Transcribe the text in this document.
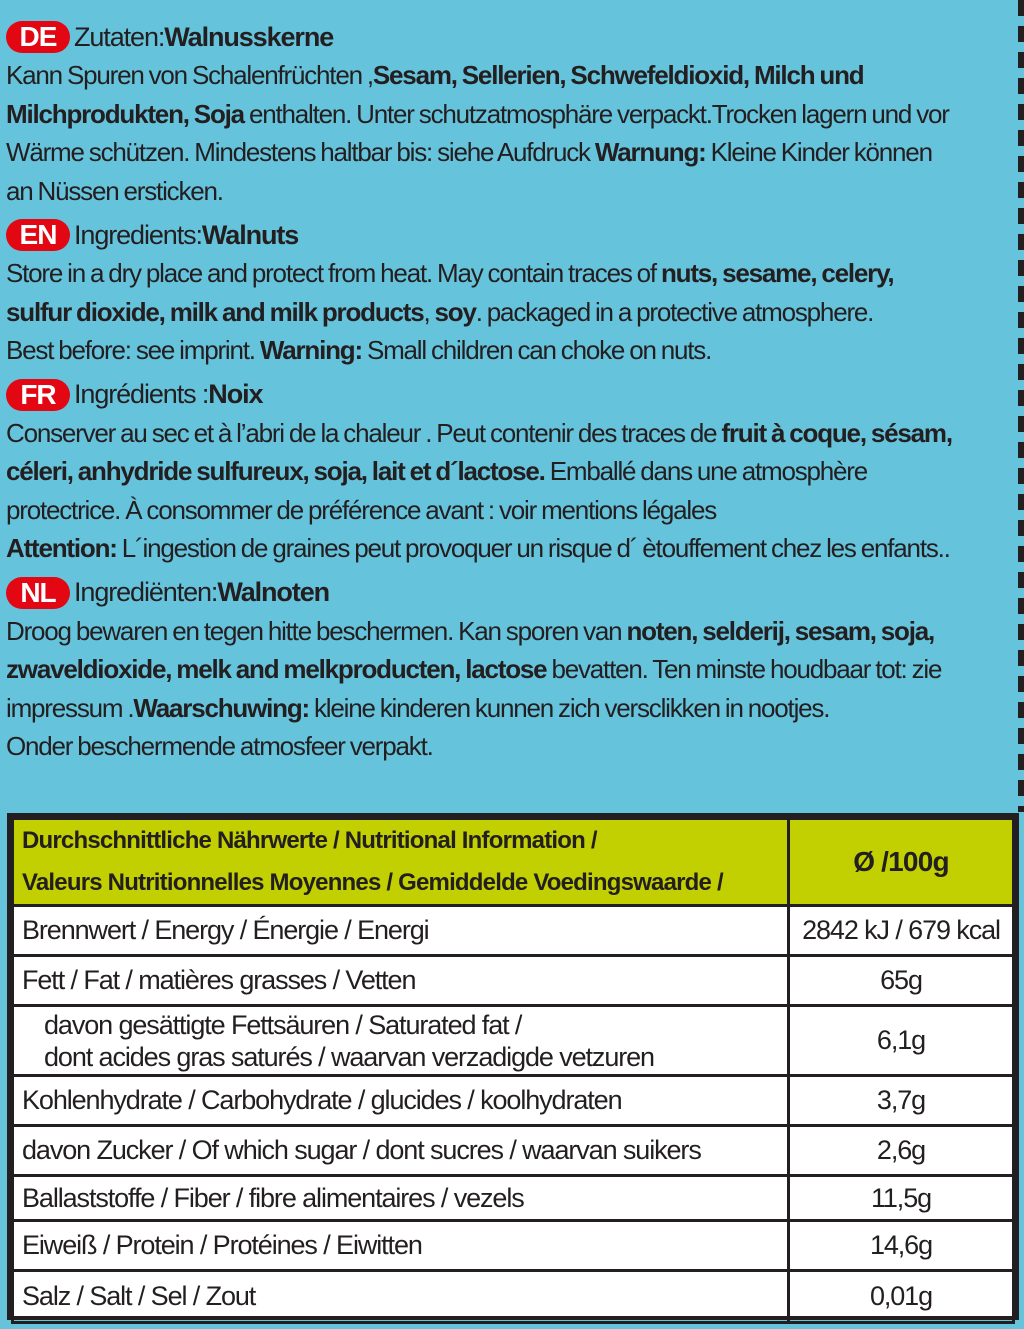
DE Zutaten: Walnusskerne
Kann Spuren von Schalenfrüchten ,Sesam, Sellerien, Schwefeldioxid, Milch und
Milchprodukten, Soja enthalten. Unter schutzatmosphäre verpackt.Trocken lagern und vor
Wärme schützen. Mindestens haltbar bis: siehe Aufdruck Warnung: Kleine Kinder können
an Nüssen ersticken.
EN Ingredients: Walnuts
Store in a dry place and protect from heat. May contain traces of nuts, sesame, celery,
sulfur dioxide, milk and milk products, soy. packaged in a protective atmosphere.
Best before: see imprint. Warning: Small children can choke on nuts.
FR Ingrédients : Noix
Conserver au sec et à l’abri de la chaleur . Peut contenir des traces de fruit à coque, sésam,
céleri, anhydride sulfureux, soja, lait et d´lactose. Emballé dans une atmosphère
protectrice. À consommer de préférence avant : voir mentions légales
Attention: L´ingestion de graines peut provoquer un risque d´ ètouffement chez les enfants..
NL Ingrediënten: Walnoten
Droog bewaren en tegen hitte beschermen. Kan sporen van noten, selderij, sesam, soja,
zwaveldioxide, melk and melkproducten, lactose bevatten. Ten minste houdbaar tot: zie
impressum .Waarschuwing: kleine kinderen kunnen zich versclikken in nootjes.
Onder beschermende atmosfeer verpakt.
Durchschnittliche Nährwerte / Nutritional Information /
Valeurs Nutritionnelles Moyennes / Gemiddelde Voedingswaarde /	Ø /100g
Brennwert / Energy / Énergie / Energi	2842 kJ / 679 kcal
Fett / Fat / matières grasses / Vetten	65g
davon gesättigte Fettsäuren / Saturated fat /
dont acides gras saturés / waarvan verzadigde vetzuren	6,1g
Kohlenhydrate / Carbohydrate / glucides / koolhydraten	3,7g
davon Zucker / Of which sugar / dont sucres / waarvan suikers	2,6g
Ballaststoffe / Fiber / fibre alimentaires / vezels	11,5g
Eiweiß / Protein / Protéines / Eiwitten	14,6g
Salz / Salt / Sel / Zout	0,01g
